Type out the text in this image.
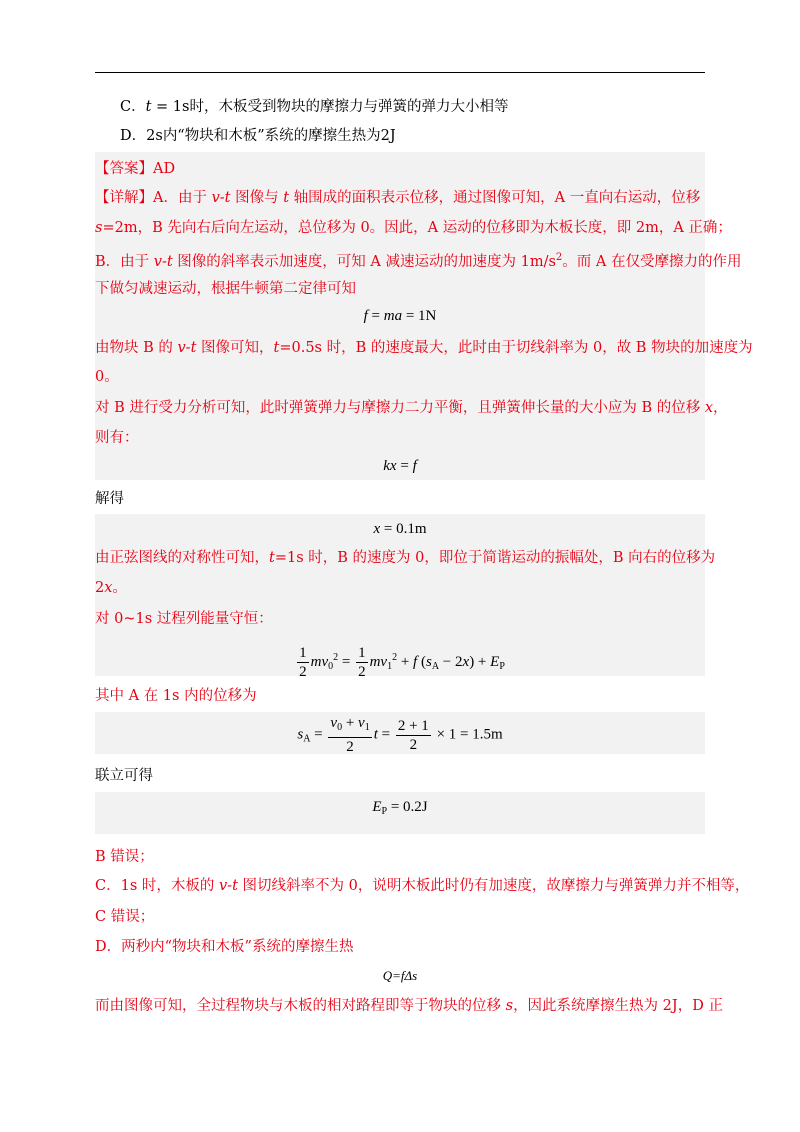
C．t = 1s时，木板受到物块的摩擦力与弹簧的弹力大小相等
D．2s内“物块和木板”系统的摩擦生热为2J
【答案】AD
【详解】A．由于 v-t 图像与 t 轴围成的面积表示位移，通过图像可知，A 一直向右运动，位移
s=2m，B 先向右后向左运动，总位移为 0。因此，A 运动的位移即为木板长度，即 2m，A 正确；
B．由于 v-t 图像的斜率表示加速度，可知 A 减速运动的加速度为 $1m/s^2$。而 A 在仅受摩擦力的作用
下做匀减速运动，根据牛顿第二定律可知
f = ma = 1N
由物块 B 的 v-t 图像可知，t=0.5s 时，B 的速度最大，此时由于切线斜率为 0，故 B 物块的加速度为
0。
对 B 进行受力分析可知，此时弹簧弹力与摩擦力二力平衡，且弹簧伸长量的大小应为 B 的位移 x，
则有：
kx = f
解得
x = 0.1m
由正弦图线的对称性可知，t=1s 时，B 的速度为 0，即位于简谐运动的振幅处，B 向右的位移为
2x。
对 0~1s 过程列能量守恒：
$\frac{1}{2} mv_0^2 = \frac{1}{2} mv_1^2 + f$ $(s_A - 2x) + E_P$
其中 A 在 1s 内的位移为
$s_A = \frac{v_0 + v_1}{2}$ $t = \frac{2 + 1}{2} \times 1 = 1.5m$
联立可得
$E_P = 0.2J$
B 错误；
C．1s 时，木板的 v-t 图切线斜率不为 0，说明木板此时仍有加速度，故摩擦力与弹簧弹力并不相等，
C 错误；
D．两秒内“物块和木板”系统的摩擦生热
Q=fΔs
而由图像可知，全过程物块与木板的相对路程即等于物块的位移 s，因此系统摩擦生热为 2J，D 正
